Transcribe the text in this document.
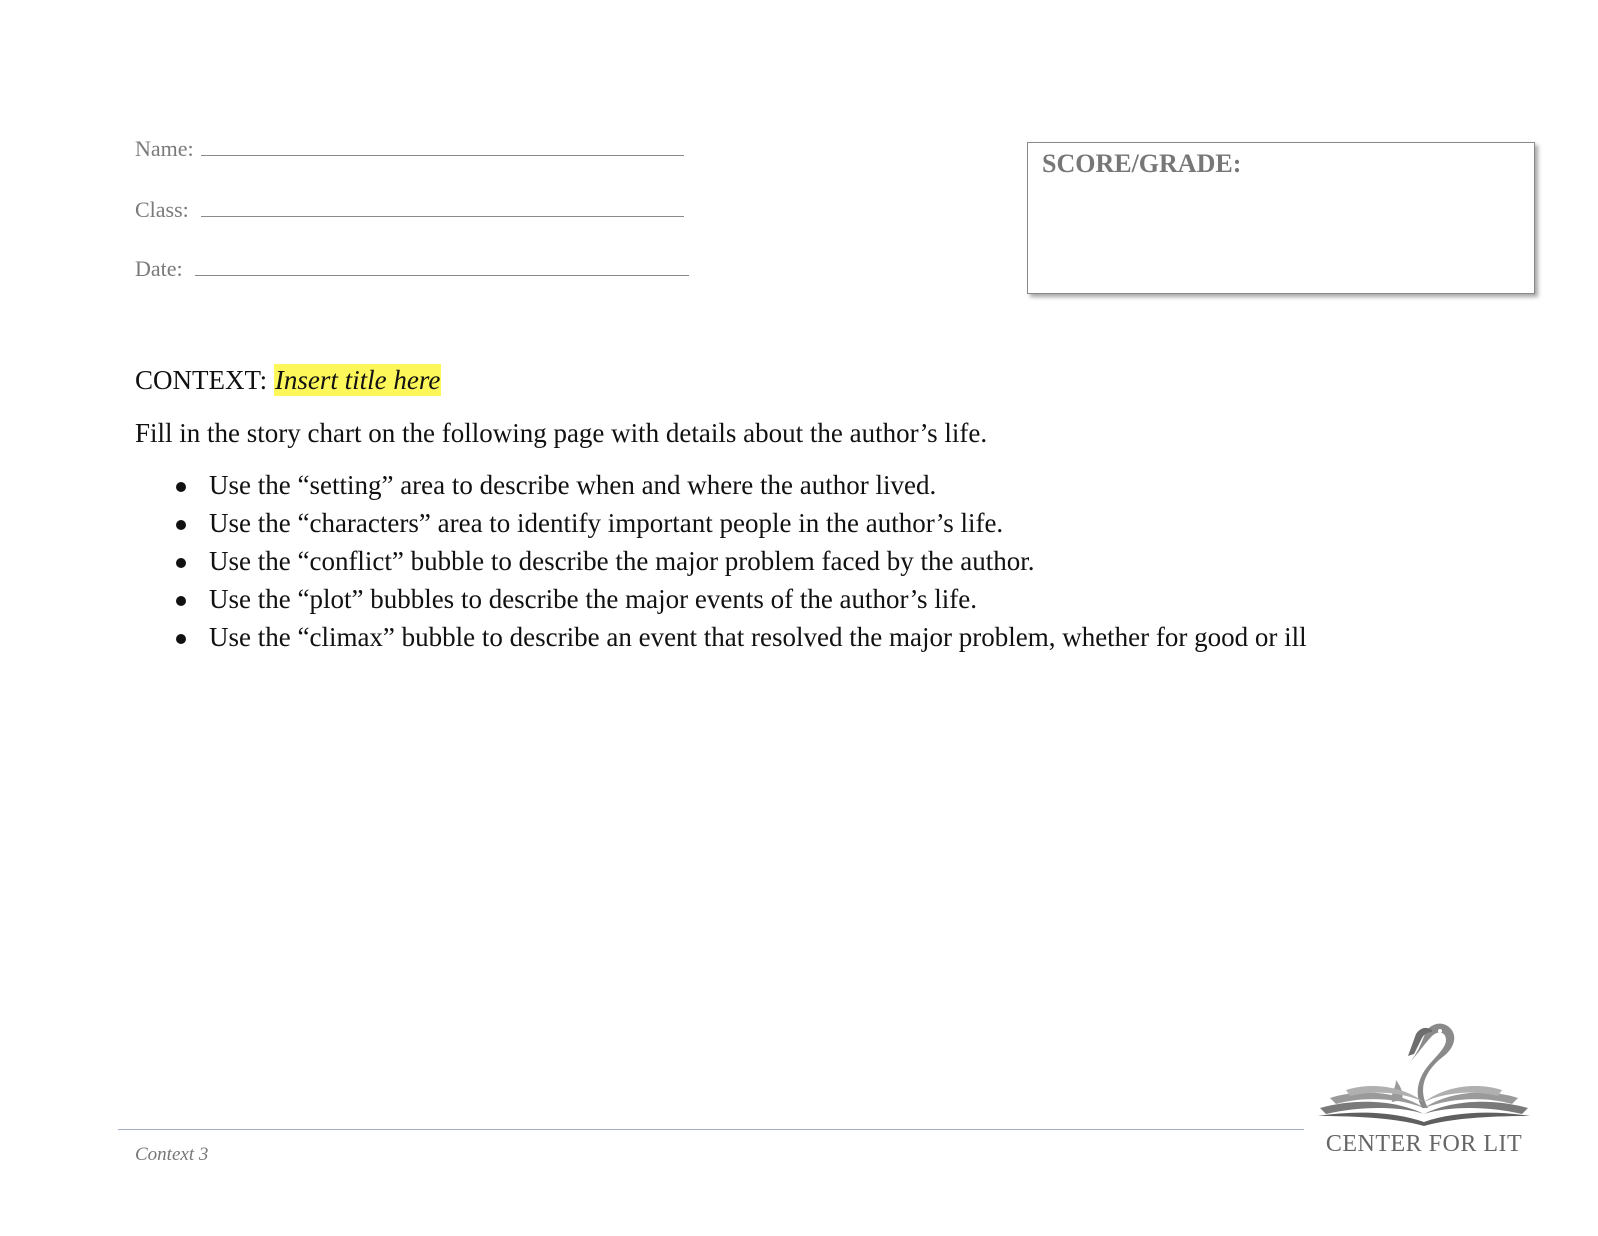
Name:
Class:
Date:
SCORE/GRADE:
CONTEXT: Insert title here
Fill in the story chart on the following page with details about the author’s life.
Use the “setting” area to describe when and where the author lived.
Use the “characters” area to identify important people in the author’s life.
Use the “conflict” bubble to describe the major problem faced by the author.
Use the “plot” bubbles to describe the major events of the author’s life.
Use the “climax” bubble to describe an event that resolved the major problem, whether for good or ill
Context 3	CENTER FOR LIT
